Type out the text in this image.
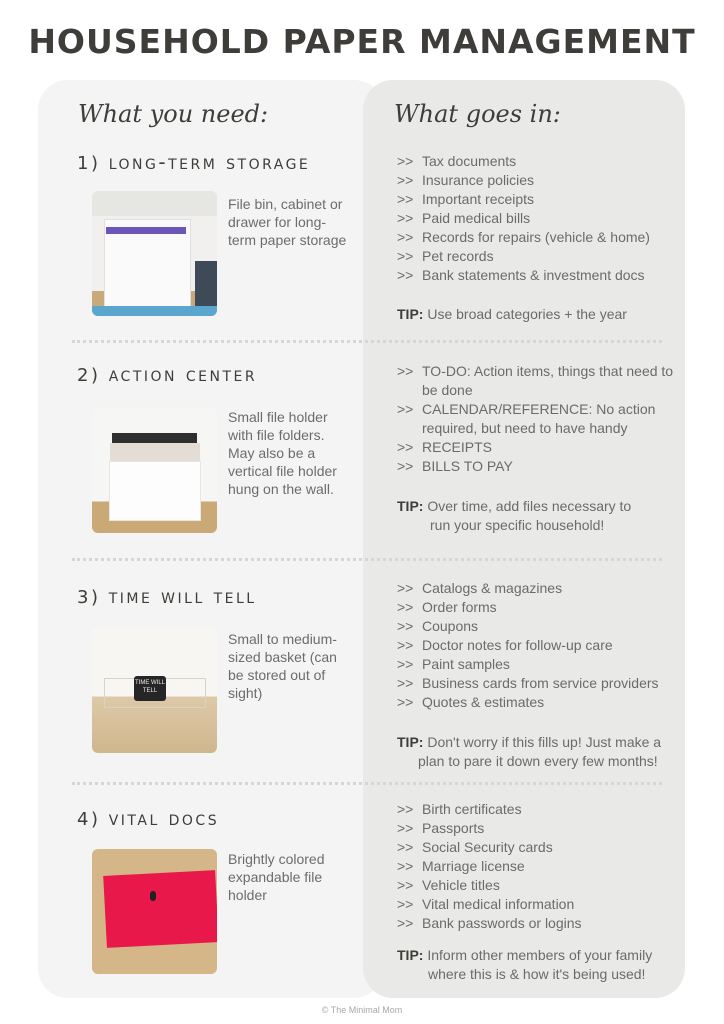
HOUSEHOLD PAPER MANAGEMENT
What you need:	What goes in:
1) long-term storage
File bin, cabinet or drawer for long-term paper storage
>> Tax documents
>> Insurance policies
>> Important receipts
>> Paid medical bills
>> Records for repairs (vehicle & home)
>> Pet records
>> Bank statements & investment docs
TIP: Use broad categories + the year
2) action center
Small file holder with file folders. May also be a vertical file holder hung on the wall.
>> TO-DO: Action items, things that need to be done
>> CALENDAR/REFERENCE: No action required, but need to have handy
>> RECEIPTS
>> BILLS TO PAY
TIP: Over time, add files necessary to
run your specific household!
3) time will tell
TIME WILL TELL
Small to medium-sized basket (can be stored out of sight)
>> Catalogs & magazines
>> Order forms
>> Coupons
>> Doctor notes for follow-up care
>> Paint samples
>> Business cards from service providers
>> Quotes & estimates
TIP: Don't worry if this fills up! Just make a
plan to pare it down every few months!
4) vital docs
Brightly colored expandable file holder
>> Birth certificates
>> Passports
>> Social Security cards
>> Marriage license
>> Vehicle titles
>> Vital medical information
>> Bank passwords or logins
TIP: Inform other members of your family
where this is & how it's being used!
© The Minimal Mom
